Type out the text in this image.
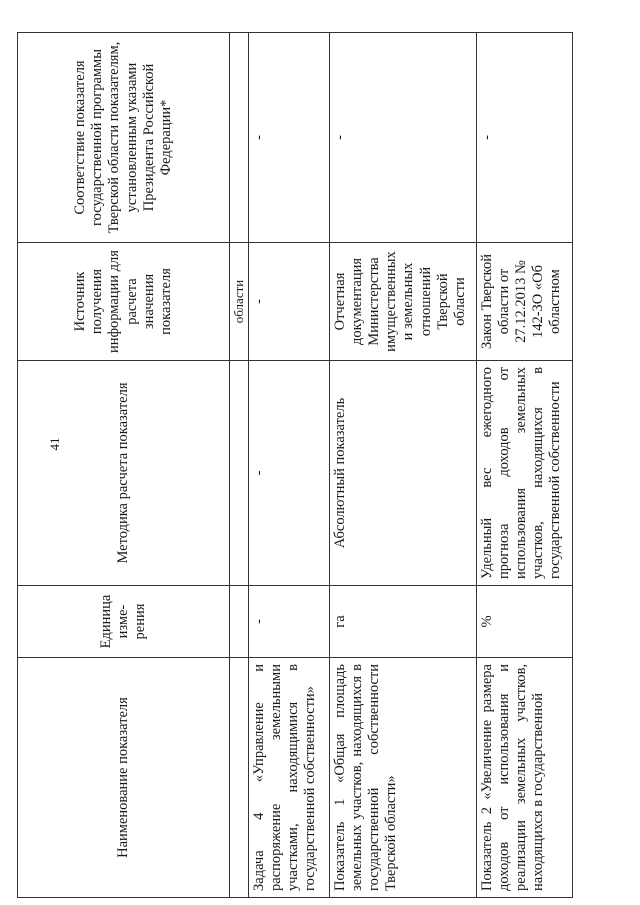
41
Наименование показателя	Единица изме-рения	Методика расчета показателя	Источник получения информации для расчета значения показателя	Соответствие показателя государственной программы Тверской области показателям, установленным указами Президента Российской Федерации*
			области	
Задача 4 «Управление и распоряжение земельными участками, находящимися в государственной собственности»	-	-	-	-
Показатель 1 «Общая площадь земельных участков, находящихся в государственной собственности Тверской области»	га	Абсолютный показатель	Отчетная документация Министерства имущественных и земельных отношений Тверской области	-
Показатель 2 «Увеличение размера доходов от использования и реализации земельных участков, находящихся в государственной	%	Удельный вес ежегодного прогноза доходов от использования земельных участков, находящихся в государственной собственности	Закон Тверской области от 27.12.2013 № 142-ЗО «Об областном	-
